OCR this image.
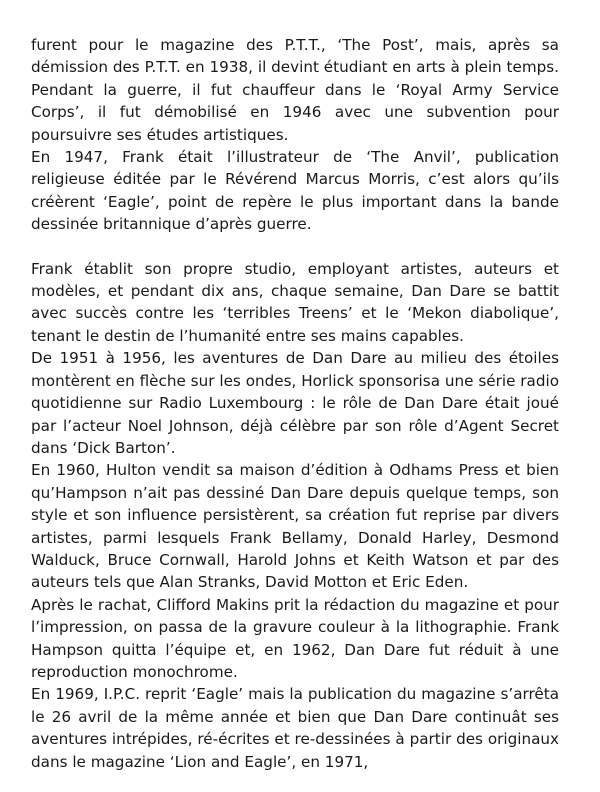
furent pour le magazine des P.T.T., ‘The Post’, mais, après sa démission des P.T.T. en 1938, il devint étudiant en arts à plein temps. Pendant la guerre, il fut chauffeur dans le ‘Royal Army Service Corps’, il fut démobilisé en 1946 avec une subvention pour poursuivre ses études artistiques.

En 1947, Frank était l’illustrateur de ‘The Anvil’, publication religieuse éditée par le Révérend Marcus Morris, c’est alors qu’ils créèrent ‘Eagle’, point de repère le plus important dans la bande dessinée britannique d’après guerre.

Frank établit son propre studio, employant artistes, auteurs et modèles, et pendant dix ans, chaque semaine, Dan Dare se battit avec succès contre les ‘terribles Treens’ et le ‘Mekon diabolique’, tenant le destin de l’humanité entre ses mains capables.

De 1951 à 1956, les aventures de Dan Dare au milieu des étoiles montèrent en flèche sur les ondes, Horlick sponsorisa une série radio quotidienne sur Radio Luxembourg : le rôle de Dan Dare était joué par l’acteur Noel Johnson, déjà célèbre par son rôle d’Agent Secret dans ‘Dick Barton’.

En 1960, Hulton vendit sa maison d’édition à Odhams Press et bien qu’Hampson n’ait pas dessiné Dan Dare depuis quelque temps, son style et son influence persistèrent, sa création fut reprise par divers artistes, parmi lesquels Frank Bellamy, Donald Harley, Desmond Walduck, Bruce Cornwall, Harold Johns et Keith Watson et par des auteurs tels que Alan Stranks, David Motton et Eric Eden.

Après le rachat, Clifford Makins prit la rédaction du magazine et pour l’impression, on passa de la gravure couleur à la lithographie. Frank Hampson quitta l’équipe et, en 1962, Dan Dare fut réduit à une reproduction monochrome.

En 1969, I.P.C. reprit ‘Eagle’ mais la publication du magazine s’arrêta le 26 avril de la même année et bien que Dan Dare continuât ses aventures intrépides, ré-écrites et re-dessinées à partir des originaux dans le magazine ‘Lion and Eagle’, en 1971,
